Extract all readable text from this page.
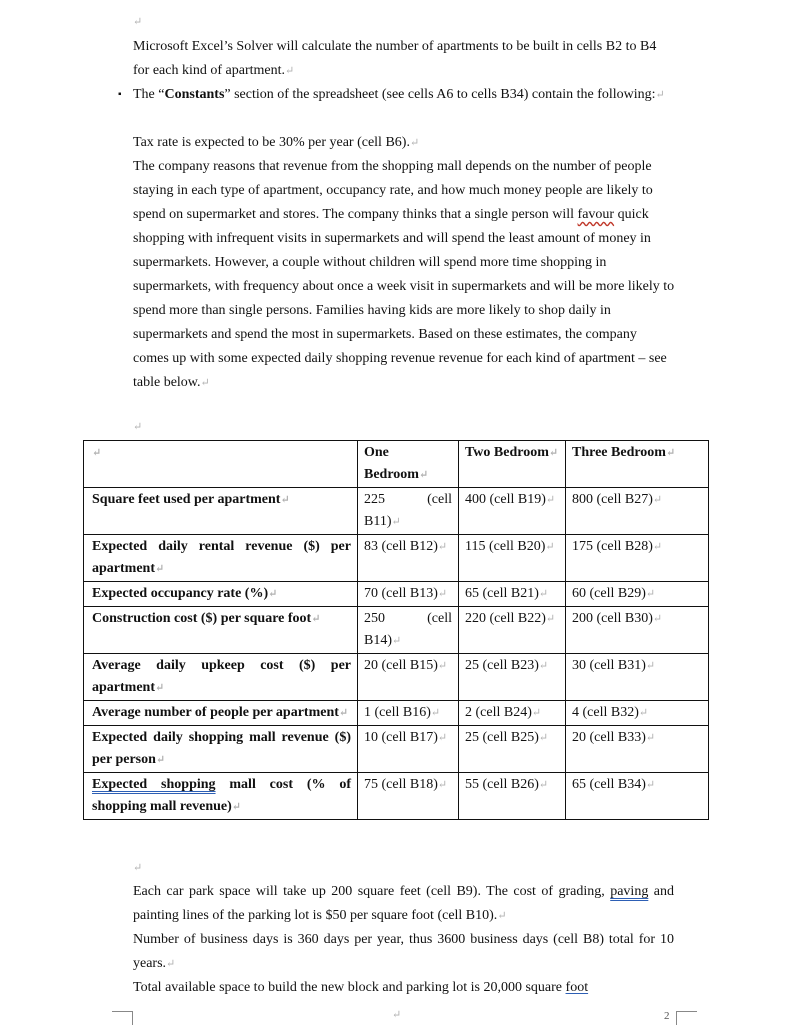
↵

Microsoft Excel’s Solver will calculate the number of apartments to be built in cells B2 to B4 for each kind of apartment.↵

▪ The “Constants” section of the spreadsheet (see cells A6 to cells B34) contain the following:↵

Tax rate is expected to be 30% per year (cell B6).↵

The company reasons that revenue from the shopping mall depends on the number of people staying in each type of apartment, occupancy rate, and how much money people are likely to spend on supermarket and stores. The company thinks that a single person will favour quick shopping with infrequent visits in supermarkets and will spend the least amount of money in supermarkets. However, a couple without children will spend more time shopping in supermarkets, with frequency about once a week visit in supermarkets and will be more likely to spend more than single persons. Families having kids are more likely to shop daily in supermarkets and spend the most in supermarkets. Based on these estimates, the company comes up with some expected daily shopping revenue revenue for each kind of apartment – see table below.↵

↵
↵	One Bedroom↵	Two Bedroom↵	Three Bedroom↵
Square feet used per apartment↵	225 (cell B11)↵	400 (cell B19)↵	800 (cell B27)↵
Expected daily rental revenue ($) per apartment↵	83 (cell B12)↵	115 (cell B20)↵	175 (cell B28)↵
Expected occupancy rate (%)↵	70 (cell B13)↵	65 (cell B21)↵	60 (cell B29)↵
Construction cost ($) per square foot↵	250 (cell B14)↵	220 (cell B22)↵	200 (cell B30)↵
Average daily upkeep cost ($) per apartment↵	20 (cell B15)↵	25 (cell B23)↵	30 (cell B31)↵
Average number of people per apartment↵	1 (cell B16)↵	2 (cell B24)↵	4 (cell B32)↵
Expected daily shopping mall revenue ($) per person↵	10 (cell B17)↵	25 (cell B25)↵	20 (cell B33)↵
Expected shopping mall cost (% of shopping mall revenue)↵	75 (cell B18)↵	55 (cell B26)↵	65 (cell B34)↵
↵

Each car park space will take up 200 square feet (cell B9). The cost of grading, paving and painting lines of the parking lot is $50 per square foot (cell B10).↵

Number of business days is 360 days per year, thus 3600 business days (cell B8) total for 10 years.↵

Total available space to build the new block and parking lot is 20,000 square foot

↵	2
